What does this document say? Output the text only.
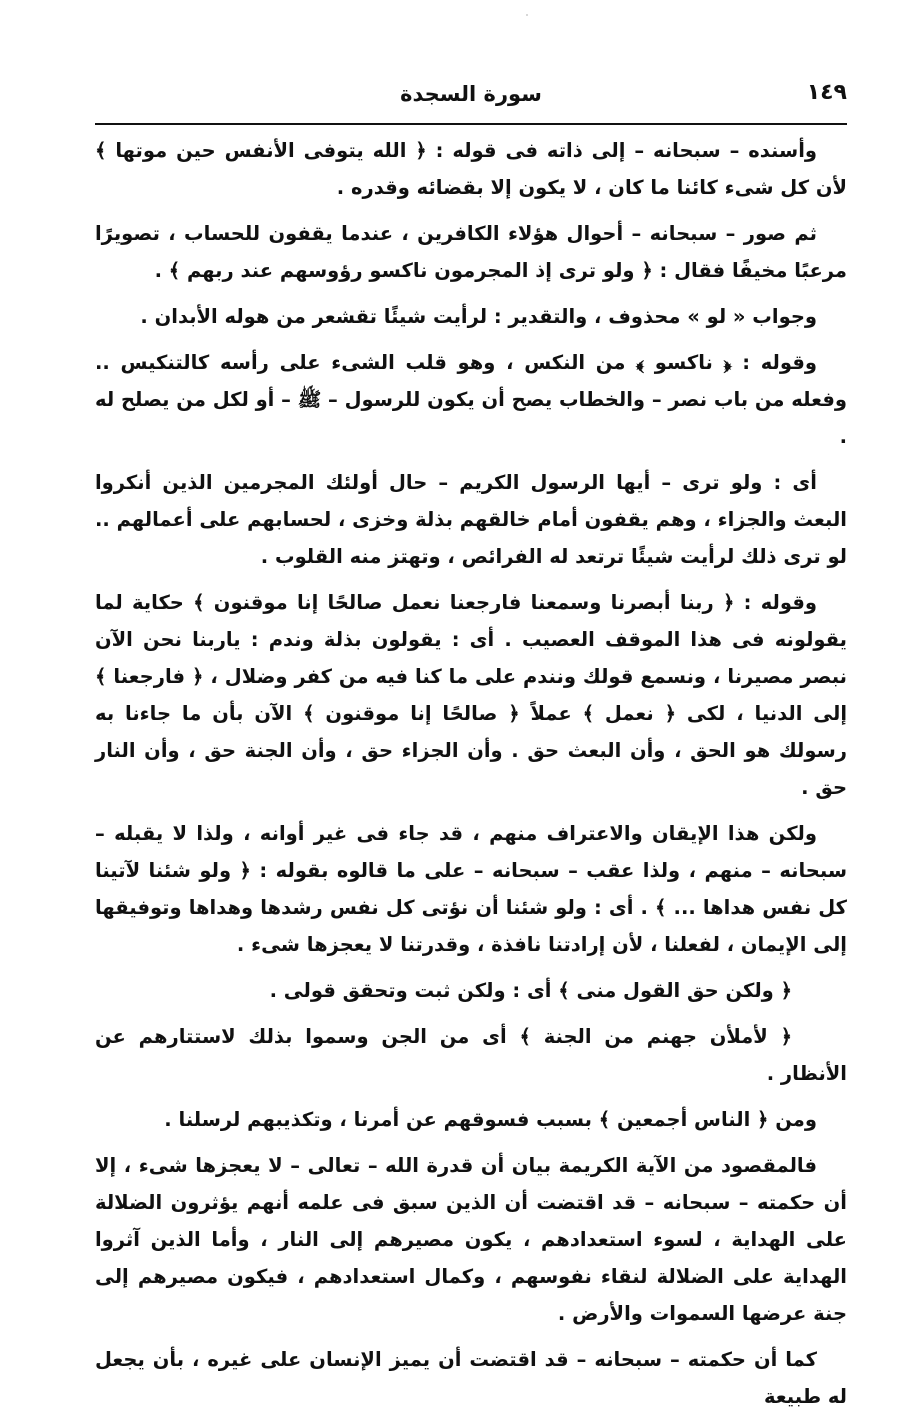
١٤٩
سورة السجدة

وأسنده – سبحانه – إلى ذاته فى قوله : ﴿ الله يتوفى الأنفس حين موتها ﴾ لأن كل شىء كائنا ما كان ، لا يكون إلا بقضائه وقدره .

ثم صور – سبحانه – أحوال هؤلاء الكافرين ، عندما يقفون للحساب ، تصويرًا مرعبًا مخيفًا فقال : ﴿ ولو ترى إذ المجرمون ناكسو رؤوسهم عند ربهم ﴾ .

وجواب « لو » محذوف ، والتقدير : لرأيت شيئًا تقشعر من هوله الأبدان .

وقوله : ﴿ ناكسو ﴾ من النكس ، وهو قلب الشىء على رأسه كالتنكيس .. وفعله من باب نصر – والخطاب يصح أن يكون للرسول – ﷺ – أو لكل من يصلح له .

أى : ولو ترى – أيها الرسول الكريم – حال أولئك المجرمين الذين أنكروا البعث والجزاء ، وهم يقفون أمام خالقهم بذلة وخزى ، لحسابهم على أعمالهم .. لو ترى ذلك لرأيت شيئًا ترتعد له الفرائص ، وتهتز منه القلوب .

وقوله : ﴿ ربنا أبصرنا وسمعنا فارجعنا نعمل صالحًا إنا موقنون ﴾ حكاية لما يقولونه فى هذا الموقف العصيب . أى : يقولون بذلة وندم : ياربنا نحن الآن نبصر مصيرنا ، ونسمع قولك ونندم على ما كنا فيه من كفر وضلال ، ﴿ فارجعنا ﴾ إلى الدنيا ، لكى ﴿ نعمل ﴾ عملاً ﴿ صالحًا إنا موقنون ﴾ الآن بأن ما جاءنا به رسولك هو الحق ، وأن البعث حق . وأن الجزاء حق ، وأن الجنة حق ، وأن النار حق .

ولكن هذا الإيقان والاعتراف منهم ، قد جاء فى غير أوانه ، ولذا لا يقبله – سبحانه – منهم ، ولذا عقب – سبحانه – على ما قالوه بقوله : ﴿ ولو شئنا لآتينا كل نفس هداها ... ﴾ . أى : ولو شئنا أن نؤتى كل نفس رشدها وهداها وتوفيقها إلى الإيمان ، لفعلنا ، لأن إرادتنا نافذة ، وقدرتنا لا يعجزها شىء .

﴿ ولكن حق القول منى ﴾ أى : ولكن ثبت وتحقق قولى .

﴿ لأملأن جهنم من الجنة ﴾ أى من الجن وسموا بذلك لاستتارهم عن الأنظار .

ومن ﴿ الناس أجمعين ﴾ بسبب فسوقهم عن أمرنا ، وتكذيبهم لرسلنا .

فالمقصود من الآية الكريمة بيان أن قدرة الله – تعالى – لا يعجزها شىء ، إلا أن حكمته – سبحانه – قد اقتضت أن الذين سبق فى علمه أنهم يؤثرون الضلالة على الهداية ، لسوء استعدادهم ، يكون مصيرهم إلى النار ، وأما الذين آثروا الهداية على الضلالة لنقاء نفوسهم ، وكمال استعدادهم ، فيكون مصيرهم إلى جنة عرضها السموات والأرض .

كما أن حكمته – سبحانه – قد اقتضت أن يميز الإنسان على غيره ، بأن يجعل له طبيعة
